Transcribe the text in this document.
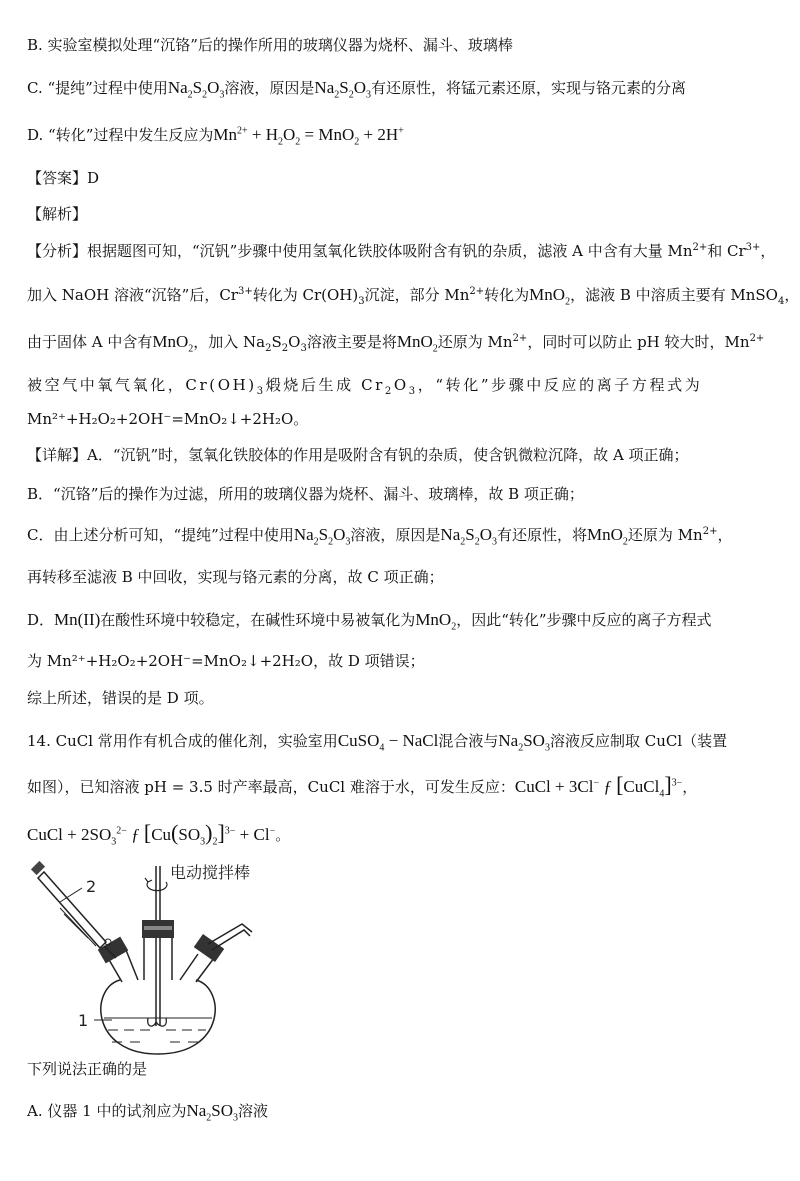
B. 实验室模拟处理“沉铬”后的操作所用的玻璃仪器为烧杯、漏斗、玻璃棒
C. “提纯”过程中使用$Na_2S_2O_3$溶液，原因是$Na_2S_2O_3$有还原性，将锰元素还原，实现与铬元素的分离
D. “转化”过程中发生反应为$Mn^{2+} + H_2O_2 = MnO_2 + 2H^+$
【答案】D
【解析】
【分析】根据题图可知，“沉钒”步骤中使用氢氧化铁胶体吸附含有钒的杂质，滤液 A 中含有大量 $Mn^{2+}$和 $Cr^{3+}$，
加入 NaOH 溶液“沉铬”后，$Cr^{3+}$转化为 $Cr(OH)_3$沉淀，部分 $Mn^{2+}$转化为MnO$_2$，滤液 B 中溶质主要有 MnSO$_4$，
由于固体 A 中含有MnO$_2$，加入 $Na_2S_2O_3$溶液主要是将MnO$_2$还原为 $Mn^{2+}$，同时可以防止 pH 较大时，$Mn^{2+}$
被空气中氧气氧化，$Cr(OH)_3$煅烧后生成 $Cr_2O_3$，“转化”步骤中反应的离子方程式为
Mn²⁺+H₂O₂+2OH⁻=MnO₂↓+2H₂O。
【详解】A．“沉钒”时，氢氧化铁胶体的作用是吸附含有钒的杂质，使含钒微粒沉降，故 A 项正确；
B．“沉铬”后的操作为过滤，所用的玻璃仪器为烧杯、漏斗、玻璃棒，故 B 项正确；
C．由上述分析可知，“提纯”过程中使用$Na_2S_2O_3$溶液，原因是$Na_2S_2O_3$有还原性，将MnO$_2$还原为 $Mn^{2+}$，
再转移至滤液 B 中回收，实现与铬元素的分离，故 C 项正确；
D．Mn(II)在酸性环境中较稳定，在碱性环境中易被氧化为MnO$_2$，因此“转化”步骤中反应的离子方程式
为 Mn²⁺+H₂O₂+2OH⁻=MnO₂↓+2H₂O，故 D 项错误；
综上所述，错误的是 D 项。
14. CuCl 常用作有机合成的催化剂，实验室用CuSO$_4$ − NaCl混合液与$Na_2SO_3$溶液反应制取 CuCl（装置
如图），已知溶液 pH = 3.5 时产率最高，CuCl 难溶于水，可发生反应：CuCl + 3Cl− ƒ [CuCl$_4$]$^{3-}$，
CuCl + $2SO_3^{2-}$ ƒ $[Cu(SO_3)_2]^{3-} + Cl^-$。
电动搅拌棒
2
1
下列说法正确的是
A. 仪器 1 中的试剂应为$Na_2SO_3$溶液
